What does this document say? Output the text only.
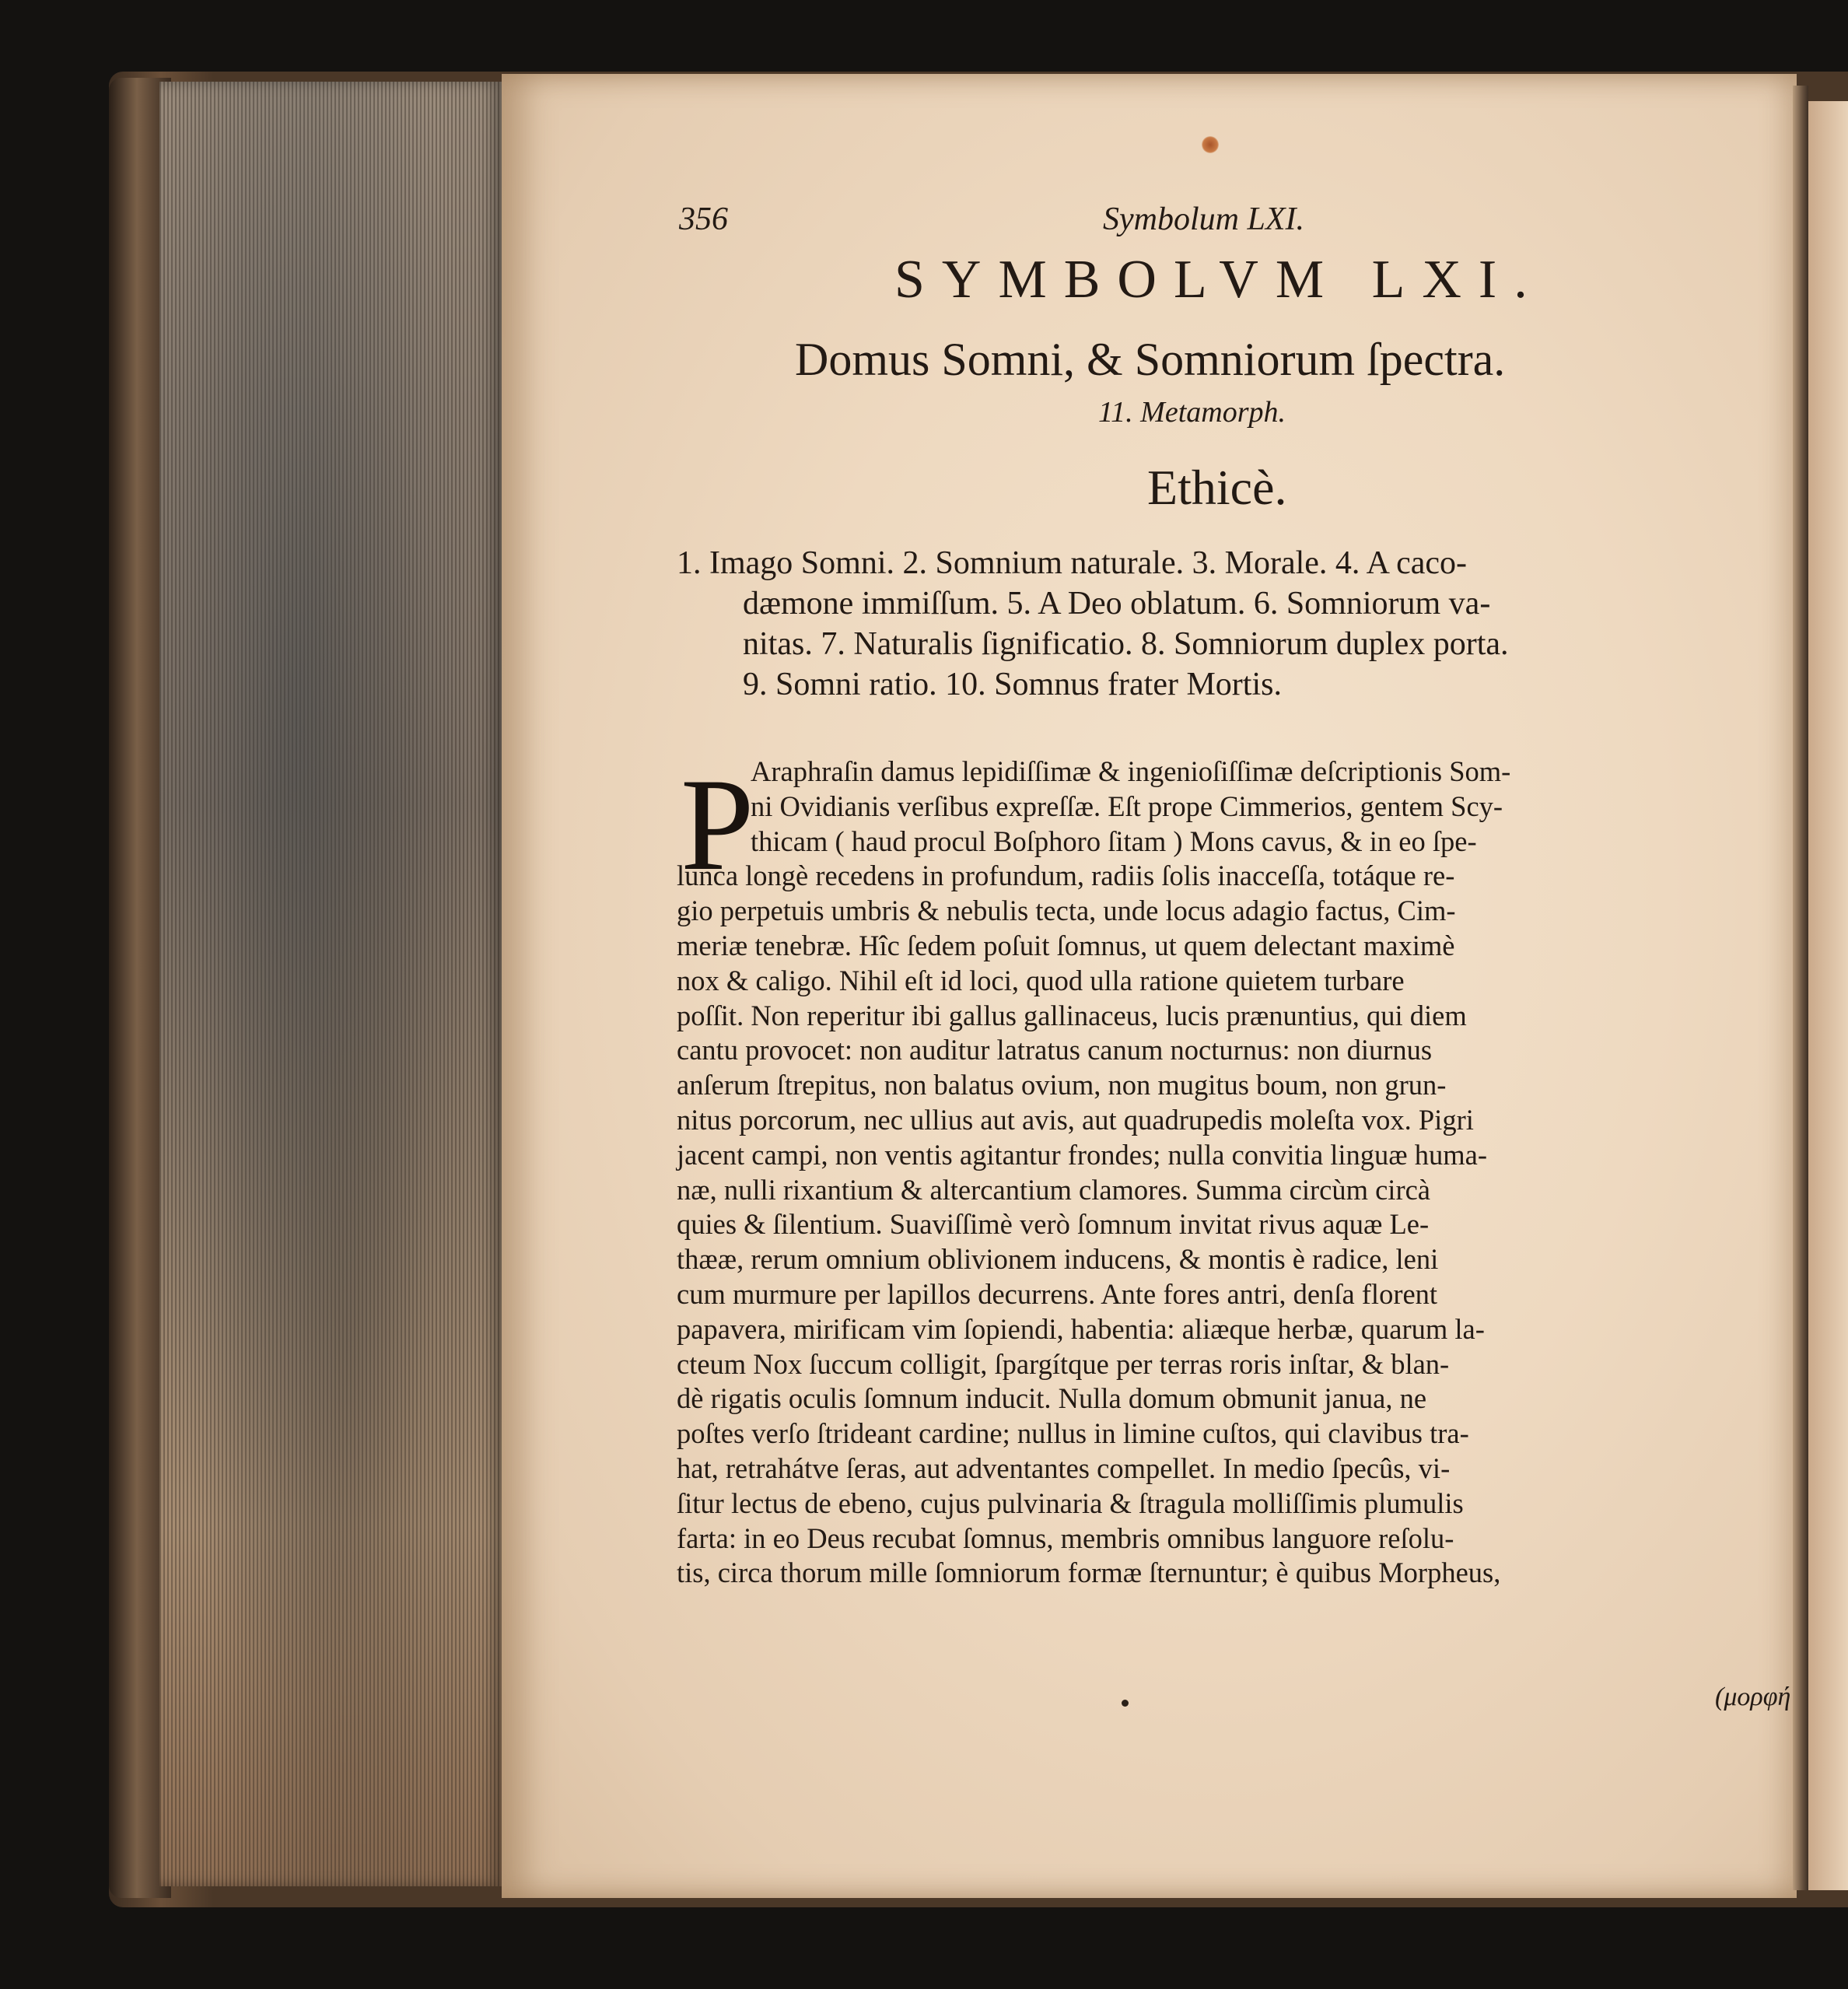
356	Symbolum LXI.
SYMBOLVM LXI.
Domus Somni, & Somniorum ſpectra.
11. Metamorph.
Ethicè.
1. Imago Somni. 2. Somnium naturale. 3. Morale. 4. A caco-
dæmone immiſſum. 5. A Deo oblatum. 6. Somniorum va-
nitas. 7. Naturalis ſignificatio. 8. Somniorum duplex porta.
9. Somni ratio. 10. Somnus frater Mortis.
P
Araphraſin damus lepidiſſimæ & ingenioſiſſimæ deſcriptionis Som-
ni Ovidianis verſibus expreſſæ. Eſt prope Cimmerios, gentem Scy-
thicam ( haud procul Boſphoro ſitam ) Mons cavus, & in eo ſpe-
lunca longè recedens in profundum, radiis ſolis inacceſſa, totáque re-
gio perpetuis umbris & nebulis tecta, unde locus adagio factus, Cim-
meriæ tenebræ. Hîc ſedem poſuit ſomnus, ut quem delectant maximè
nox & caligo. Nihil eſt id loci, quod ulla ratione quietem turbare
poſſit. Non reperitur ibi gallus gallinaceus, lucis prænuntius, qui diem
cantu provocet: non auditur latratus canum nocturnus: non diurnus
anſerum ſtrepitus, non balatus ovium, non mugitus boum, non grun-
nitus porcorum, nec ullius aut avis, aut quadrupedis moleſta vox. Pigri
jacent campi, non ventis agitantur frondes; nulla convitia linguæ huma-
næ, nulli rixantium & altercantium clamores. Summa circùm circà
quies & ſilentium. Suaviſſimè verò ſomnum invitat rivus aquæ Le-
thææ, rerum omnium oblivionem inducens, & montis è radice, leni
cum murmure per lapillos decurrens. Ante fores antri, denſa florent
papavera, mirificam vim ſopiendi, habentia: aliæque herbæ, quarum la-
cteum Nox ſuccum colligit, ſpargítque per terras roris inſtar, & blan-
dè rigatis oculis ſomnum inducit. Nulla domum obmunit janua, ne
poſtes verſo ſtrideant cardine; nullus in limine cuſtos, qui clavibus tra-
hat, retrahátve ſeras, aut adventantes compellet. In medio ſpecûs, vi-
ſitur lectus de ebeno, cujus pulvinaria & ſtragula molliſſimis plumulis
farta: in eo Deus recubat ſomnus, membris omnibus languore reſolu-
tis, circa thorum mille ſomniorum formæ ſternuntur; è quibus Morpheus,
(μορφή
